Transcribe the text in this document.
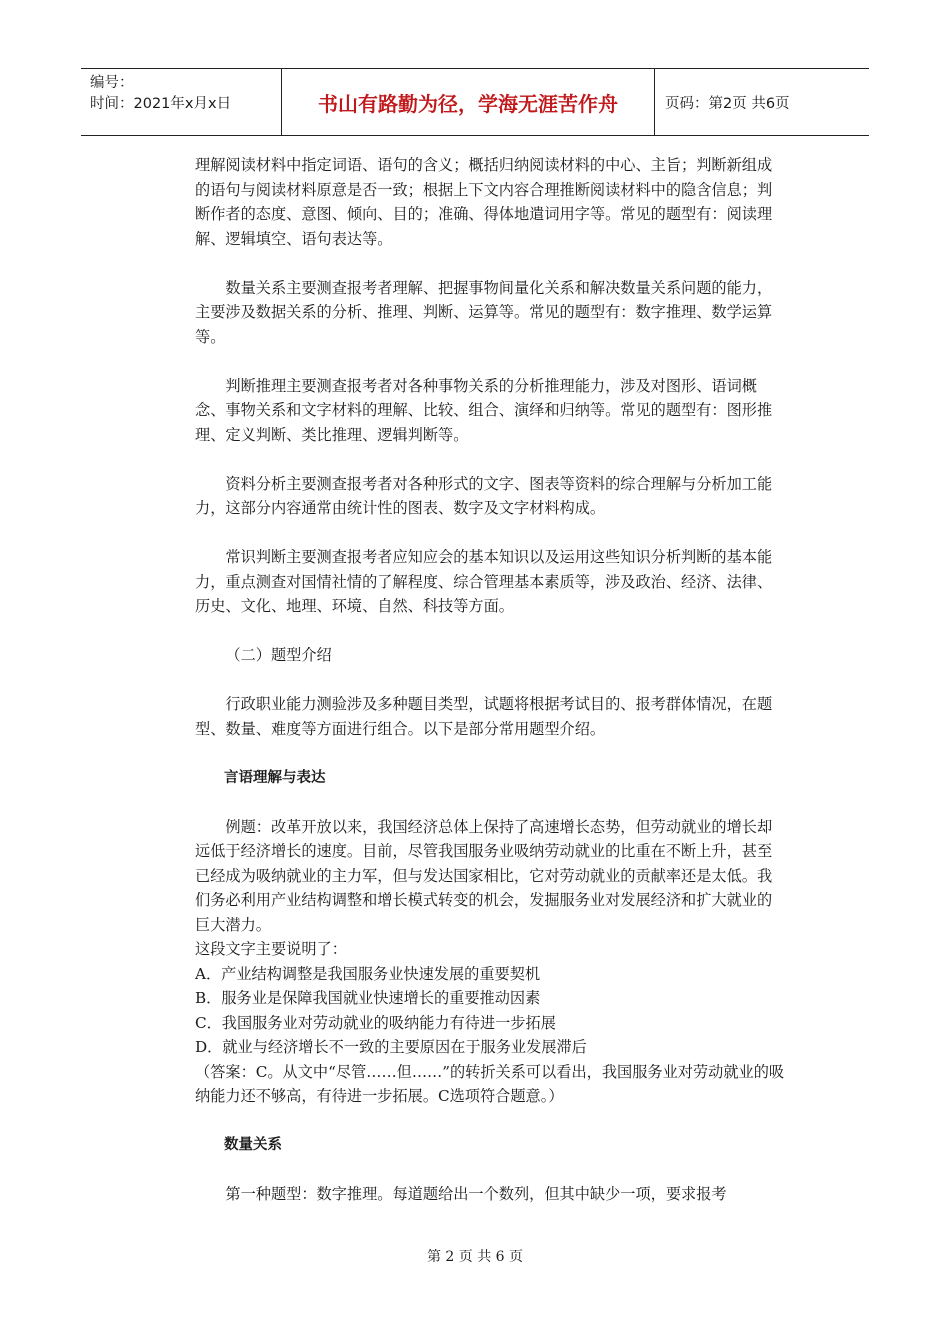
编号：
时间：2021年x月x日	书山有路勤为径，学海无涯苦作舟	页码：第2页 共6页

理解阅读材料中指定词语、语句的含义；概括归纳阅读材料的中心、主旨；判断新组成的语句与阅读材料原意是否一致；根据上下文内容合理推断阅读材料中的隐含信息；判断作者的态度、意图、倾向、目的；准确、得体地遣词用字等。常见的题型有：阅读理解、逻辑填空、语句表达等。

数量关系主要测查报考者理解、把握事物间量化关系和解决数量关系问题的能力，主要涉及数据关系的分析、推理、判断、运算等。常见的题型有：数字推理、数学运算等。

判断推理主要测查报考者对各种事物关系的分析推理能力，涉及对图形、语词概念、事物关系和文字材料的理解、比较、组合、演绎和归纳等。常见的题型有：图形推理、定义判断、类比推理、逻辑判断等。

资料分析主要测查报考者对各种形式的文字、图表等资料的综合理解与分析加工能力，这部分内容通常由统计性的图表、数字及文字材料构成。

常识判断主要测查报考者应知应会的基本知识以及运用这些知识分析判断的基本能力，重点测查对国情社情的了解程度、综合管理基本素质等，涉及政治、经济、法律、历史、文化、地理、环境、自然、科技等方面。

（二）题型介绍

行政职业能力测验涉及多种题目类型，试题将根据考试目的、报考群体情况，在题型、数量、难度等方面进行组合。以下是部分常用题型介绍。

言语理解与表达

例题：改革开放以来，我国经济总体上保持了高速增长态势，但劳动就业的增长却远低于经济增长的速度。目前，尽管我国服务业吸纳劳动就业的比重在不断上升，甚至已经成为吸纳就业的主力军，但与发达国家相比，它对劳动就业的贡献率还是太低。我们务必利用产业结构调整和增长模式转变的机会，发掘服务业对发展经济和扩大就业的巨大潜力。

这段文字主要说明了：

A．产业结构调整是我国服务业快速发展的重要契机

B．服务业是保障我国就业快速增长的重要推动因素

C．我国服务业对劳动就业的吸纳能力有待进一步拓展

D．就业与经济增长不一致的主要原因在于服务业发展滞后

（答案：C。从文中“尽管……但……”的转折关系可以看出，我国服务业对劳动就业的吸纳能力还不够高，有待进一步拓展。C选项符合题意。）

数量关系

第一种题型：数字推理。每道题给出一个数列，但其中缺少一项，要求报考

第 2 页 共 6 页
